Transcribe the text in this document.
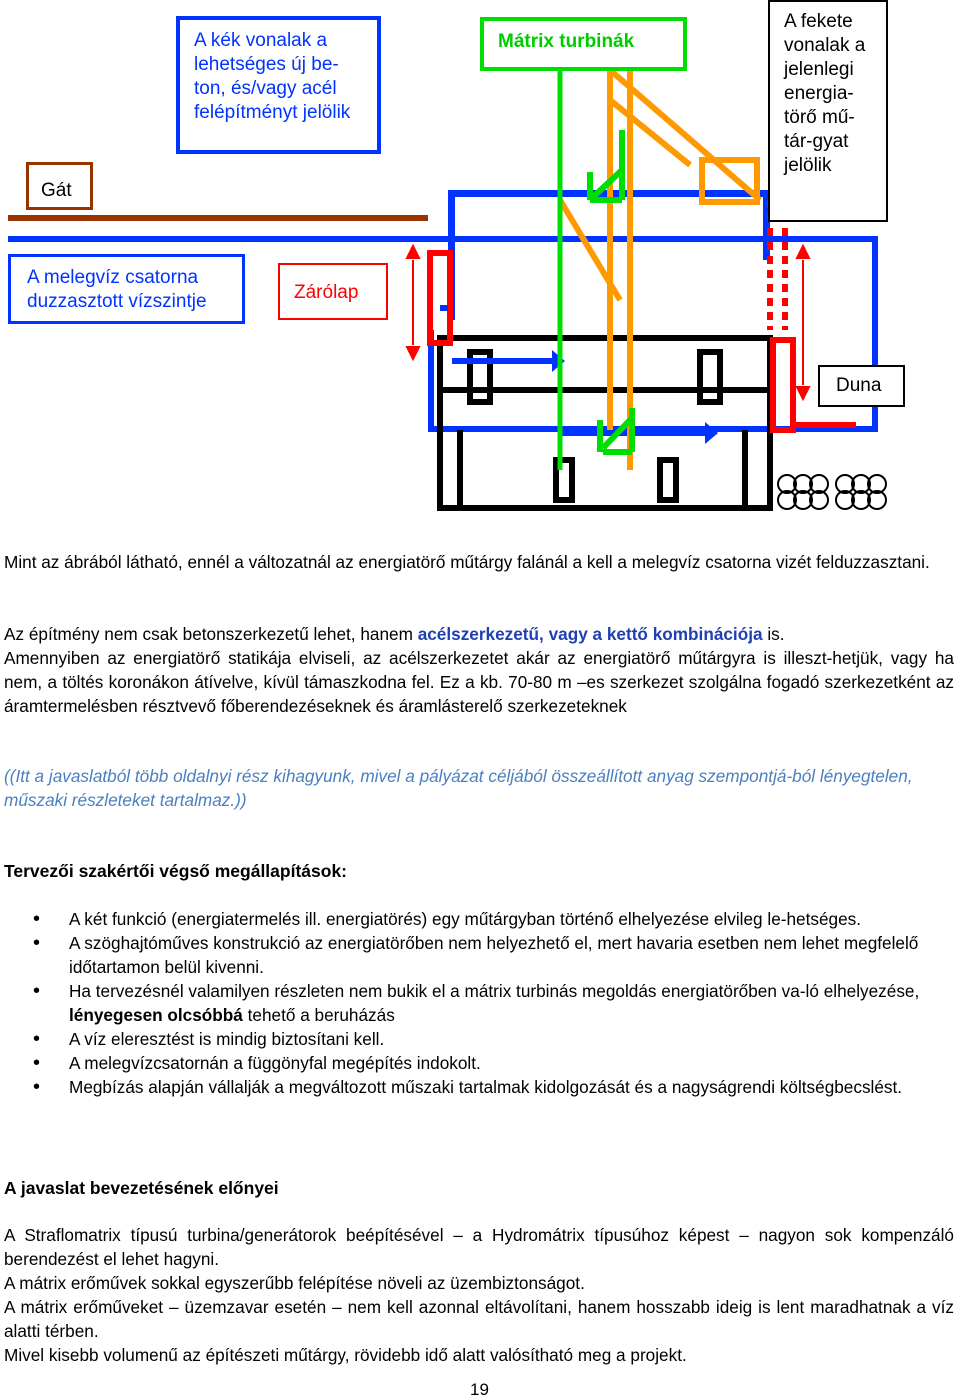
Gát
A kék vonalak a
lehetséges új be-
ton, és/vagy acél
felépítményt jelölik
Mátrix turbinák
A fekete
vonalak a
jelenlegi
energia-
törő mű-
tár-gyat
jelölik
A melegvíz csatorna
duzzasztott vízszintje	Zárólap
Duna

Mint az ábrából látható, ennél a változatnál az energiatörő műtárgy falánál a kell a melegvíz csatorna vizét felduzzasztani.

Az építmény nem csak betonszerkezetű lehet, hanem acélszerkezetű, vagy a kettő kombinációja is.

Amennyiben az energiatörő statikája elviseli, az acélszerkezetet akár az energiatörő műtárgyra is illeszt-hetjük, vagy ha nem, a töltés koronákon átívelve, kívül támaszkodna fel. Ez a kb. 70-80 m –es szerkezet szolgálna fogadó szerkezetként az áramtermelésben résztvevő főberendezéseknek és áramlásterelő szerkezeteknek

((Itt a javaslatból több oldalnyi rész kihagyunk, mivel a pályázat céljából összeállított anyag szempontjá-ból lényegtelen, műszaki részleteket tartalmaz.))

Tervezői szakértői végső megállapítások:
• A két funkció (energiatermelés ill. energiatörés) egy műtárgyban történő elhelyezése elvileg le-hetséges.
• A szöghajtóműves konstrukció az energiatörőben nem helyezhető el, mert havaria esetben nem lehet megfelelő időtartamon belül kivenni.
• Ha tervezésnél valamilyen részleten nem bukik el a mátrix turbinás megoldás energiatörőben va-ló elhelyezése, lényegesen olcsóbbá tehető a beruházás
• A víz eleresztést is mindig biztosítani kell.
• A melegvízcsatornán a függönyfal megépítés indokolt.
• Megbízás alapján vállalják a megváltozott műszaki tartalmak kidolgozását és a nagyságrendi költségbecslést.
A javaslat bevezetésének előnyei

A Straflomatrix típusú turbina/generátorok beépítésével – a Hydromátrix típusúhoz képest – nagyon sok kompenzáló berendezést el lehet hagyni.

A mátrix erőművek sokkal egyszerűbb felépítése növeli az üzembiztonságot.

A mátrix erőműveket – üzemzavar esetén – nem kell azonnal eltávolítani, hanem hosszabb ideig is lent maradhatnak a víz alatti térben.

Mivel kisebb volumenű az építészeti műtárgy, rövidebb idő alatt valósítható meg a projekt.

19
